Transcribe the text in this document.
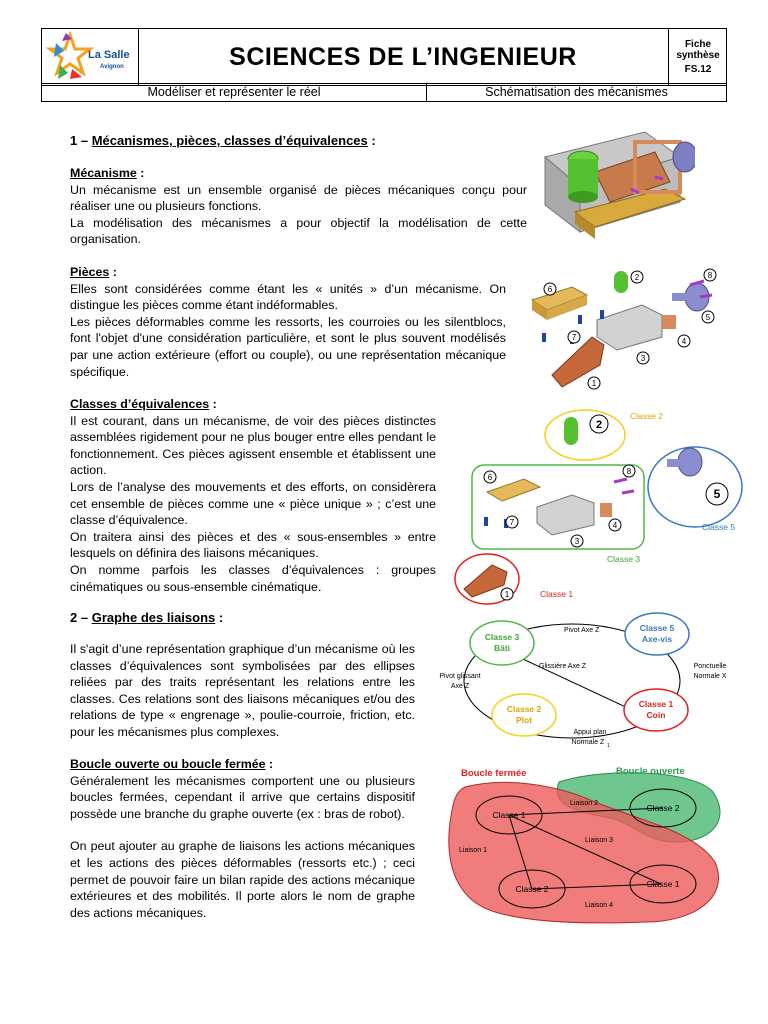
La Salle
Avignon	SCIENCES DE L’INGENIEUR	Fiche synthèse
FS.12
Modéliser et représenter le réel	Schématisation des mécanismes
1 – Mécanismes, pièces, classes d’équivalences :
Mécanisme :

Un mécanisme est un ensemble organisé de pièces mécaniques conçu pour réaliser une ou plusieurs fonctions.

La modélisation des mécanismes a pour objectif la modélisation de cette organisation.

Pièces :

Elles sont considérées comme étant les « unités » d’un mécanisme. On distingue les pièces comme étant indéformables.

Les pièces déformables comme les ressorts, les courroies ou les silentblocs, font l'objet d'une considération particulière, et sont le plus souvent modélisés par une action extérieure (effort ou couple), ou une représentation mécanique spécifique.

Classes d’équivalences :

Il est courant, dans un mécanisme, de voir des pièces distinctes assemblées rigidement pour ne plus bouger entre elles pendant le fonctionnement. Ces pièces agissent ensemble et établissent une action.

Lors de l’analyse des mouvements et des efforts, on considèrera cet ensemble de pièces comme une « pièce unique » ; c’est une classe d’équivalence.

On traitera ainsi des pièces et des « sous-ensembles » entre lesquels on définira des liaisons mécaniques.

On nomme parfois les classes d’équivalences : groupes cinématiques ou sous-ensemble cinématique.

2 – Graphe des liaisons :

Il s'agit d’une représentation graphique d’un mécanisme où les classes d’équivalences sont symbolisées par des ellipses reliées par des traits représentant les relations entre les classes. Ces relations sont des liaisons mécaniques et/ou des relations de type « engrenage », poulie-courroie, friction, etc. pour les mécanismes plus complexes.

Boucle ouverte ou boucle fermée :

Généralement les mécanismes comportent une ou plusieurs boucles fermées, cependant il arrive que certains dispositif possède une branche du graphe ouverte (ex : bras de robot).

On peut ajouter au graphe de liaisons les actions mécaniques et les actions des pièces déformables (ressorts etc.) ; ceci permet de pouvoir faire un bilan rapide des actions mécanique extérieures et des mobilités. Il porte alors le nom de graphe des actions mécaniques.

1
2
3
4
5
6
7
8
2
Classe 2
5
Classe 5
6
7
8
4
3
Classe 3
1	Classe 1
Classe 3
Bâti
Classe 5
Axe-vis
Classe 2
Plot
Classe 1
Coin
Pivot Axe Z
Glissière Axe Z
Pivot glissant
Axe Z
Ponctuelle
Normale X
Appui plan
Normale Z 1
Boucle fermée	Boucle ouverte
Classe 1
Classe 2
Classe 2	Classe 1
Liaison 1
Liaison 2
Liaison 3
Liaison 4
